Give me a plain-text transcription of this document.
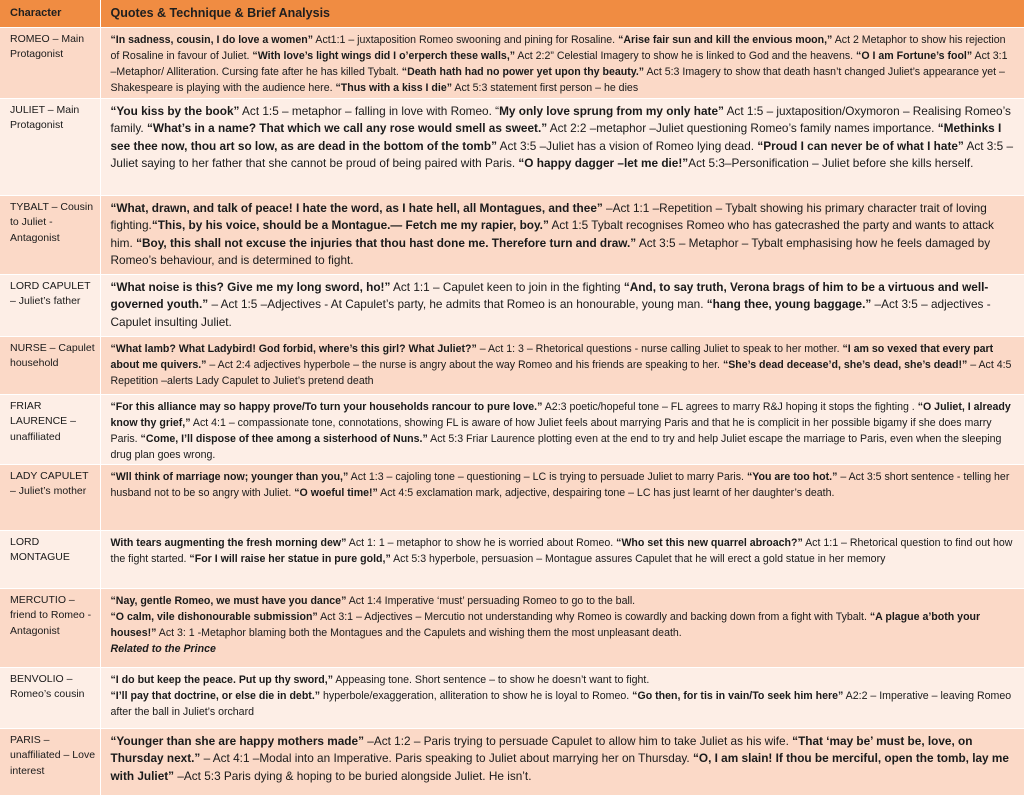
Character	Quotes & Technique & Brief Analysis
ROMEO – Main Protagonist	“In sadness, cousin, I do love a women” Act1:1 – juxtaposition Romeo swooning and pining for Rosaline. “Arise fair sun and kill the envious moon,” Act 2 Metaphor to show his rejection of Rosaline in favour of Juliet. “With love’s light wings did I o’erperch these walls,” Act 2:2” Celestial Imagery to show he is linked to God and the heavens. “O I am Fortune’s fool” Act 3:1 –Metaphor/ Alliteration. Cursing fate after he has killed Tybalt. “Death hath had no power yet upon thy beauty.” Act 5:3 Imagery to show that death hasn’t changed Juliet’s appearance yet – Shakespeare is playing with the audience here. “Thus with a kiss I die” Act 5:3 statement first person – he dies
JULIET – Main Protagonist	“You kiss by the book” Act 1:5 – metaphor – falling in love with Romeo. “My only love sprung from my only hate” Act 1:5 – juxtaposition/Oxymoron – Realising Romeo’s family. “What’s in a name? That which we call any rose would smell as sweet.” Act 2:2 –metaphor –Juliet questioning Romeo’s family names importance. “Methinks I see thee now, thou art so low, as are dead in the bottom of the tomb” Act 3:5 –Juliet has a vision of Romeo lying dead. “Proud I can never be of what I hate” Act 3:5 – Juliet saying to her father that she cannot be proud of being paired with Paris. “O happy dagger –let me die!”Act 5:3–Personification – Juliet before she kills herself.
TYBALT – Cousin to Juliet - Antagonist	“What, drawn, and talk of peace! I hate the word, as I hate hell, all Montagues, and thee” –Act 1:1 –Repetition – Tybalt showing his primary character trait of loving fighting.“This, by his voice, should be a Montague.— Fetch me my rapier, boy.” Act 1:5 Tybalt recognises Romeo who has gatecrashed the party and wants to attack him. “Boy, this shall not excuse the injuries that thou hast done me. Therefore turn and draw.” Act 3:5 – Metaphor – Tybalt emphasising how he feels damaged by Romeo’s behaviour, and is determined to fight.
LORD CAPULET – Juliet’s father	“What noise is this? Give me my long sword, ho!” Act 1:1 – Capulet keen to join in the fighting “And, to say truth, Verona brags of him to be a virtuous and well-governed youth.” – Act 1:5 –Adjectives - At Capulet’s party, he admits that Romeo is an honourable, young man. “hang thee, young baggage.” –Act 3:5 – adjectives - Capulet insulting Juliet.
NURSE – Capulet household	“What lamb? What Ladybird! God forbid, where’s this girl? What Juliet?” – Act 1: 3 – Rhetorical questions - nurse calling Juliet to speak to her mother. “I am so vexed that every part about me quivers.” – Act 2:4 adjectives hyperbole – the nurse is angry about the way Romeo and his friends are speaking to her. “She’s dead decease’d, she’s dead, she’s dead!” – Act 4:5 Repetition –alerts Lady Capulet to Juliet’s pretend death
FRIAR LAURENCE – unaffiliated	“For this alliance may so happy prove/To turn your households rancour to pure love.” A2:3 poetic/hopeful tone – FL agrees to marry R&J hoping it stops the fighting . “O Juliet, I already know thy grief,” Act 4:1 – compassionate tone, connotations, showing FL is aware of how Juliet feels about marrying Paris and that he is complicit in her possible bigamy if she does marry Paris. “Come, I’ll dispose of thee among a sisterhood of Nuns.” Act 5:3 Friar Laurence plotting even at the end to try and help Juliet escape the marriage to Paris, even when the sleeping drug plan goes wrong.
LADY CAPULET – Juliet’s mother	“Wll think of marriage now; younger than you,” Act 1:3 – cajoling tone – questioning – LC is trying to persuade Juliet to marry Paris. “You are too hot.” – Act 3:5 short sentence - telling her husband not to be so angry with Juliet. “O woeful time!” Act 4:5 exclamation mark, adjective, despairing tone – LC has just learnt of her daughter’s death.
LORD MONTAGUE	With tears augmenting the fresh morning dew” Act 1: 1 – metaphor to show he is worried about Romeo. “Who set this new quarrel abroach?” Act 1:1 – Rhetorical question to find out how the fight started. “For I will raise her statue in pure gold,” Act 5:3 hyperbole, persuasion – Montague assures Capulet that he will erect a gold statue in her memory
MERCUTIO – friend to Romeo - Antagonist	“Nay, gentle Romeo, we must have you dance” Act 1:4 Imperative ‘must’ persuading Romeo to go to the ball.
“O calm, vile dishonourable submission” Act 3:1 – Adjectives – Mercutio not understanding why Romeo is cowardly and backing down from a fight with Tybalt. “A plague a’both your houses!” Act 3: 1 -Metaphor blaming both the Montagues and the Capulets and wishing them the most unpleasant death.
Related to the Prince

BENVOLIO – Romeo’s cousin	“I do but keep the peace. Put up thy sword,” Appeasing tone. Short sentence – to show he doesn’t want to fight.
“I’ll pay that doctrine, or else die in debt.” hyperbole/exaggeration, alliteration to show he is loyal to Romeo. “Go then, for tis in vain/To seek him here” A2:2 – Imperative – leaving Romeo after the ball in Juliet’s orchard

PARIS – unaffiliated – Love interest	“Younger than she are happy mothers made” –Act 1:2 – Paris trying to persuade Capulet to allow him to take Juliet as his wife. “That ‘may be’ must be, love, on Thursday next.” – Act 4:1 –Modal into an Imperative. Paris speaking to Juliet about marrying her on Thursday. “O, I am slain! If thou be merciful, open the tomb, lay me with Juliet” –Act 5:3 Paris dying & hoping to be buried alongside Juliet. He isn’t.
